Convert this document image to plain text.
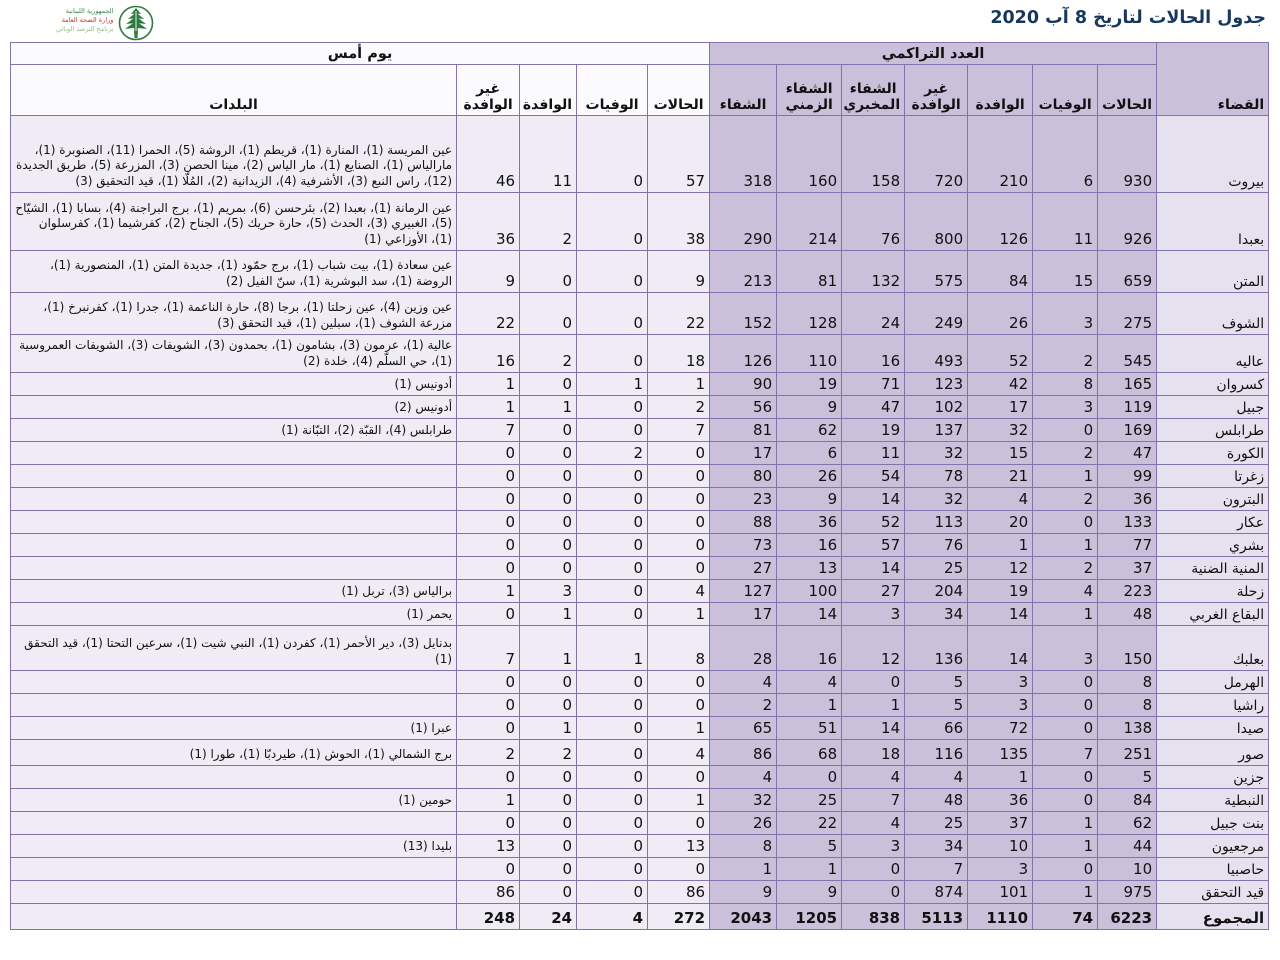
الجمهورية اللبنانية
وزارة الصحة العامة
برنامج الترصد الوبائي
جدول الحالات لتاريخ 8 آب 2020
القضاء	العدد التراكمي							يوم أمس				
	الحالات	الوفيات	الوافدة	غير الوافدة	الشفاء المخبري	الشفاء الزمني	الشفاء	الحالات	الوفيات	الوافدة	غير الوافدة	البلدات
بيروت	930	6	210	720	158	160	318	57	0	11	46	عين المريسة (1)، المنارة (1)، قريطم (1)، الروشة (5)، الحمرا (11)، الصنوبرة (1)، مارالياس (1)، الصنايع (1)، مار الياس (2)، مينا الحصن (3)، المزرعة (5)، طريق الجديدة (12)، راس النبع (3)، الأشرفية (4)، الزيدانية (2)، المُلّا (1)، قيد التحقيق (3)
بعبدا	926	11	126	800	76	214	290	38	0	2	36	عين الرمانة (1)، بعبدا (2)، بئرحسن (6)، بمريم (1)، برج البراجنة (4)، بسابا (1)، الشيّاح (5)، الغبيري (3)، الحدث (5)، حارة حريك (5)، الجناح (2)، كفرشيما (1)، كفرسلوان (1)، الأوزاعي (1)
المتن	659	15	84	575	132	81	213	9	0	0	9	عين سعادة (1)، بيت شباب (1)، برج حمّود (1)، جديدة المتن (1)، المنصورية (1)، الروضة (1)، سد البوشرية (1)، سنّ الفيل (2)
الشوف	275	3	26	249	24	128	152	22	0	0	22	عين وزين (4)، عين زحلتا (1)، برجا (8)، حارة الناعمة (1)، جدرا (1)، كفرنبرخ (1)، مزرعة الشوف (1)، سبلين (1)، قيد التحقق (3)
عاليه	545	2	52	493	16	110	126	18	0	2	16	عالية (1)، عرمون (3)، بشامون (1)، بحمدون (3)، الشويفات (3)، الشويفات العمروسية (1)، حي السلّم (4)، خلدة (2)
كسروان	165	8	42	123	71	19	90	1	1	0	1	أدونيس (1)
جبيل	119	3	17	102	47	9	56	2	0	1	1	أدونيس (2)
طرابلس	169	0	32	137	19	62	81	7	0	0	7	طرابلس (4)، القبّة (2)، التبّانة (1)
الكورة	47	2	15	32	11	6	17	0	2	0	0	
زغرتا	99	1	21	78	54	26	80	0	0	0	0	
البترون	36	2	4	32	14	9	23	0	0	0	0	
عكار	133	0	20	113	52	36	88	0	0	0	0	
بشري	77	1	1	76	57	16	73	0	0	0	0	
المنية الضنية	37	2	12	25	14	13	27	0	0	0	0	
زحلة	223	4	19	204	27	100	127	4	0	3	1	برالياس (3)، تربل (1)
البقاع الغربي	48	1	14	34	3	14	17	1	0	1	0	يحمر (1)
بعلبك	150	3	14	136	12	16	28	8	1	1	7	بدنايل (3)، دير الأحمر (1)، كفردن (1)، النبي شيت (1)، سرعين التحتا (1)، قيد التحقق (1)
الهرمل	8	0	3	5	0	4	4	0	0	0	0	
راشيا	8	0	3	5	1	1	2	0	0	0	0	
صيدا	138	0	72	66	14	51	65	1	0	1	0	عبرا (1)
صور	251	7	135	116	18	68	86	4	0	2	2	برج الشمالي (1)، الحوش (1)، طيردبّا (1)، طورا (1)
جزين	5	0	1	4	4	0	4	0	0	0	0	
النبطية	84	0	36	48	7	25	32	1	0	0	1	حومين (1)
بنت جبيل	62	1	37	25	4	22	26	0	0	0	0	
مرجعيون	44	1	10	34	3	5	8	13	0	0	13	بليدا (13)
حاصبيا	10	0	3	7	0	1	1	0	0	0	0	
قيد التحقق	975	1	101	874	0	9	9	86	0	0	86	
المجموع	6223	74	1110	5113	838	1205	2043	272	4	24	248	
